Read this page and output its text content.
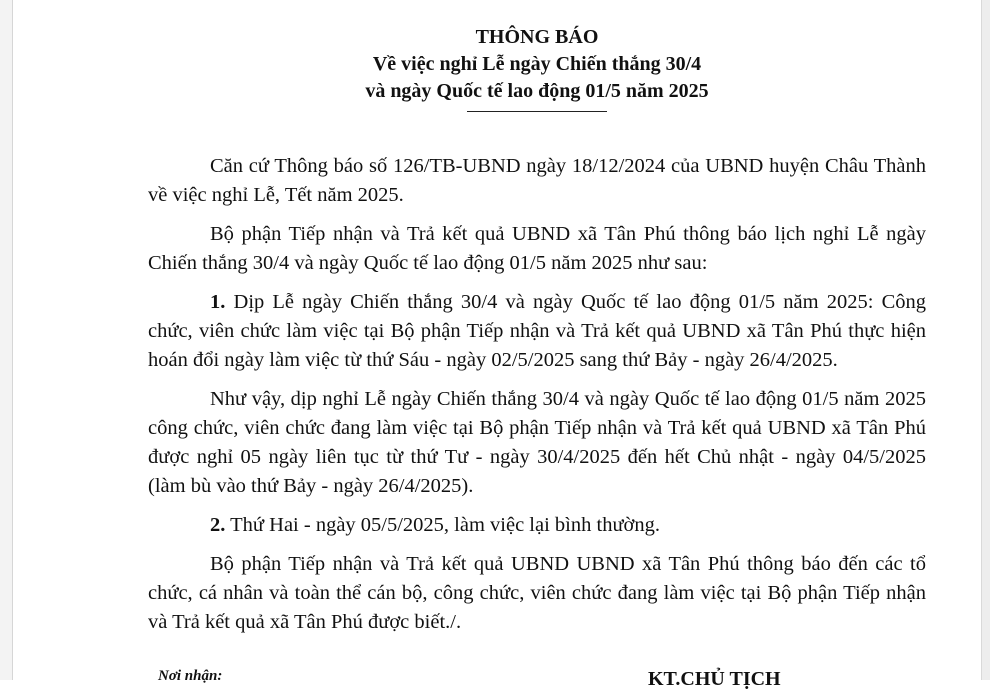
THÔNG BÁO
Về việc nghỉ Lễ ngày Chiến thắng 30/4
và ngày Quốc tế lao động 01/5 năm 2025

Căn cứ Thông báo số 126/TB-UBND ngày 18/12/2024 của UBND huyện Châu Thành về việc nghỉ Lễ, Tết năm 2025.

Bộ phận Tiếp nhận và Trả kết quả UBND xã Tân Phú thông báo lịch nghỉ Lễ ngày Chiến thắng 30/4 và ngày Quốc tế lao động 01/5 năm 2025 như sau:

1. Dịp Lễ ngày Chiến thắng 30/4 và ngày Quốc tế lao động 01/5 năm 2025: Công chức, viên chức làm việc tại Bộ phận Tiếp nhận và Trả kết quả UBND xã Tân Phú thực hiện hoán đổi ngày làm việc từ thứ Sáu - ngày 02/5/2025 sang thứ Bảy - ngày 26/4/2025.

Như vậy, dịp nghỉ Lễ ngày Chiến thắng 30/4 và ngày Quốc tế lao động 01/5 năm 2025 công chức, viên chức đang làm việc tại Bộ phận Tiếp nhận và Trả kết quả UBND xã Tân Phú được nghỉ 05 ngày liên tục từ thứ Tư - ngày 30/4/2025 đến hết Chủ nhật - ngày 04/5/2025 (làm bù vào thứ Bảy - ngày 26/4/2025).

2. Thứ Hai - ngày 05/5/2025, làm việc lại bình thường.

Bộ phận Tiếp nhận và Trả kết quả UBND UBND xã Tân Phú thông báo đến các tổ chức, cá nhân và toàn thể cán bộ, công chức, viên chức đang làm việc tại Bộ phận Tiếp nhận và Trả kết quả xã Tân Phú được biết./.

Nơi nhận:	KT.CHỦ TỊCH
